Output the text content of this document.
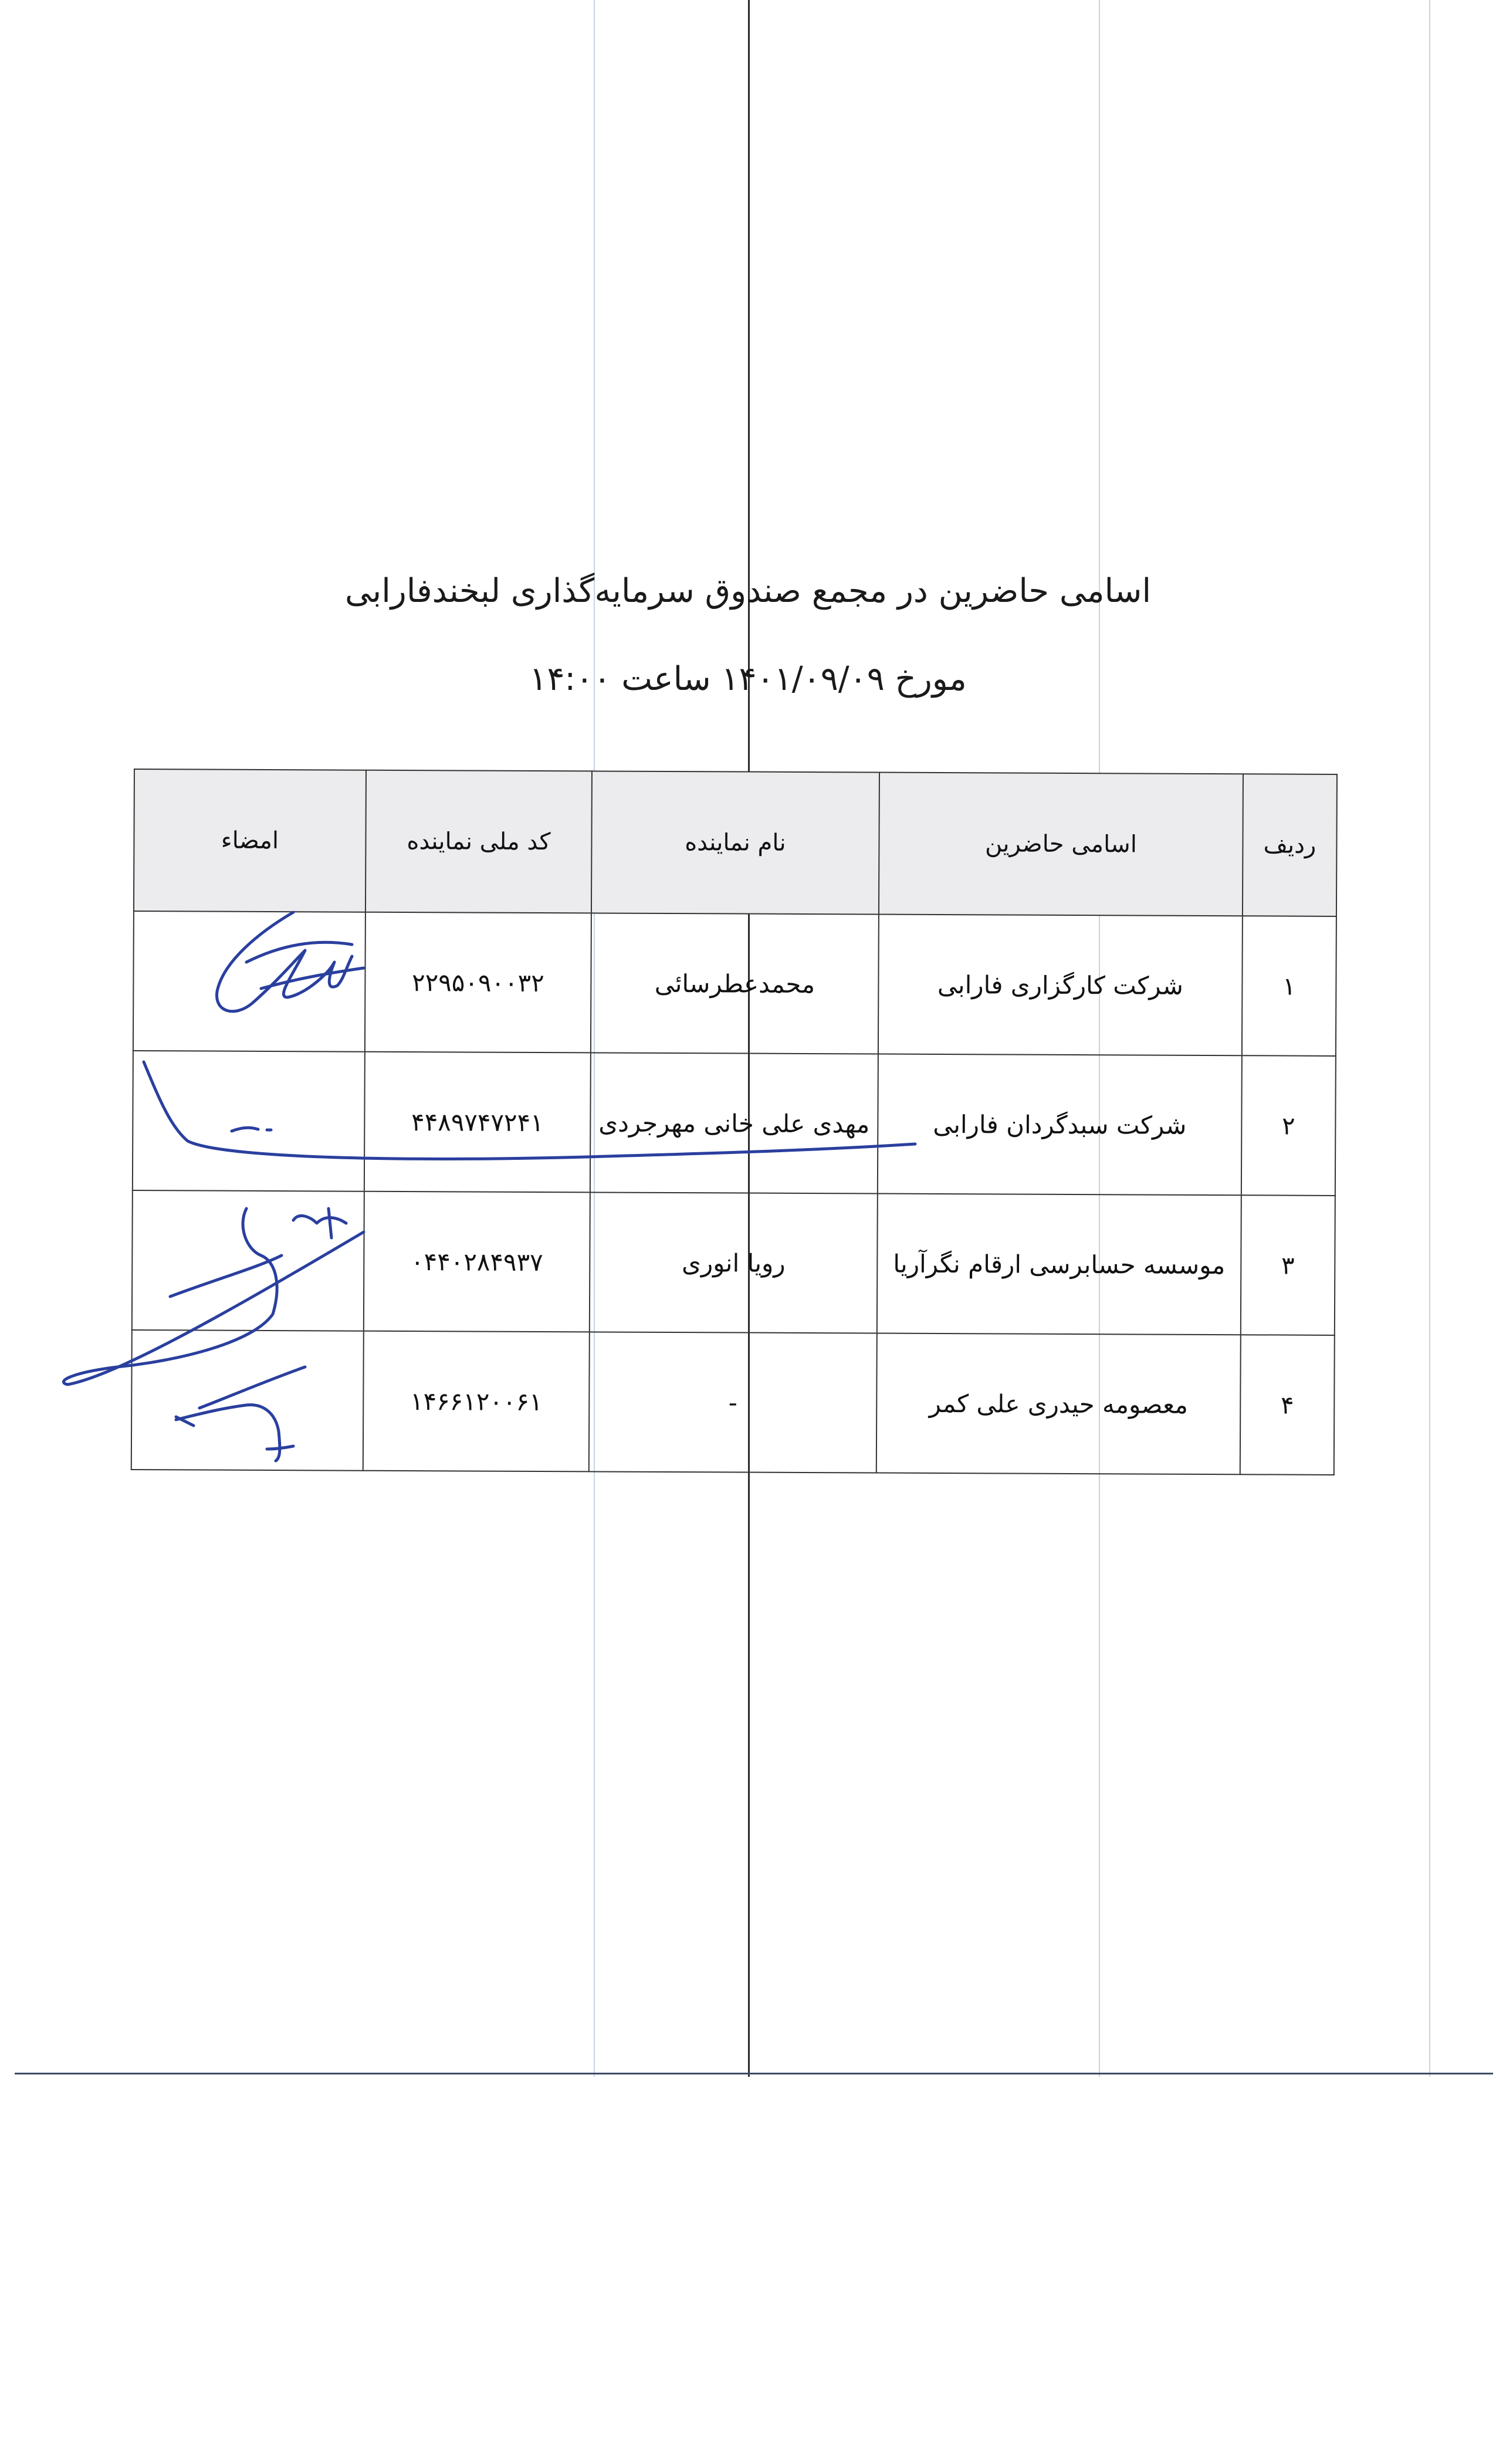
اسامی حاضرین در مجمع صندوق سرمایه‌گذاری لبخندفارابی
مورخ ۱۴۰۱/۰۹/۰۹ ساعت ۱۴:۰۰
ردیف	اسامی حاضرین	نام نماینده	کد ملی نماینده	امضاء
۱	شرکت کارگزاری فارابی	محمدعطرسائی	۲۲۹۵۰۹۰۰۳۲	
۲	شرکت سبدگردان فارابی	مهدی علی خانی مهرجردی	۴۴۸۹۷۴۷۲۴۱	
۳	موسسه حسابرسی ارقام نگرآریا	رویا انوری	۰۴۴۰۲۸۴۹۳۷	
۴	معصومه حیدری علی کمر	-	۱۴۶۶۱۲۰۰۶۱	
